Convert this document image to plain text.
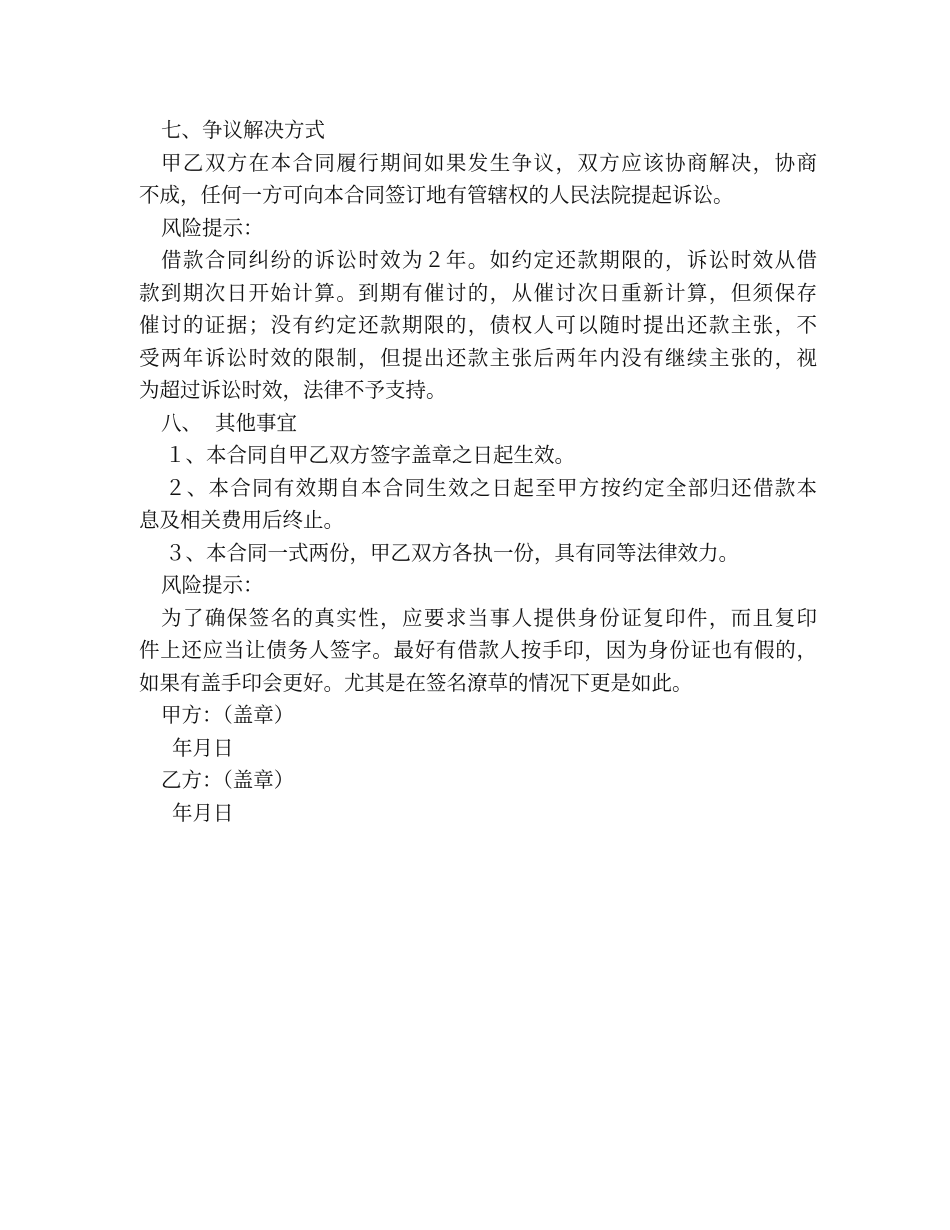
七、争议解决方式
甲乙双方在本合同履行期间如果发生争议，双方应该协商解决，协商
不成，任何一方可向本合同签订地有管辖权的人民法院提起诉讼。
风险提示：
借款合同纠纷的诉讼时效为２年。如约定还款期限的，诉讼时效从借
款到期次日开始计算。到期有催讨的，从催讨次日重新计算，但须保存
催讨的证据；没有约定还款期限的，债权人可以随时提出还款主张，不
受两年诉讼时效的限制，但提出还款主张后两年内没有继续主张的，视
为超过诉讼时效，法律不予支持。
八、  其他事宜
１、本合同自甲乙双方签字盖章之日起生效。
２、本合同有效期自本合同生效之日起至甲方按约定全部归还借款本
息及相关费用后终止。
３、本合同一式两份，甲乙双方各执一份，具有同等法律效力。
风险提示：
为了确保签名的真实性，应要求当事人提供身份证复印件，而且复印
件上还应当让债务人签字。最好有借款人按手印，因为身份证也有假的，
如果有盖手印会更好。尤其是在签名潦草的情况下更是如此。
甲方：（盖章）
年月日
乙方：（盖章）
年月日
